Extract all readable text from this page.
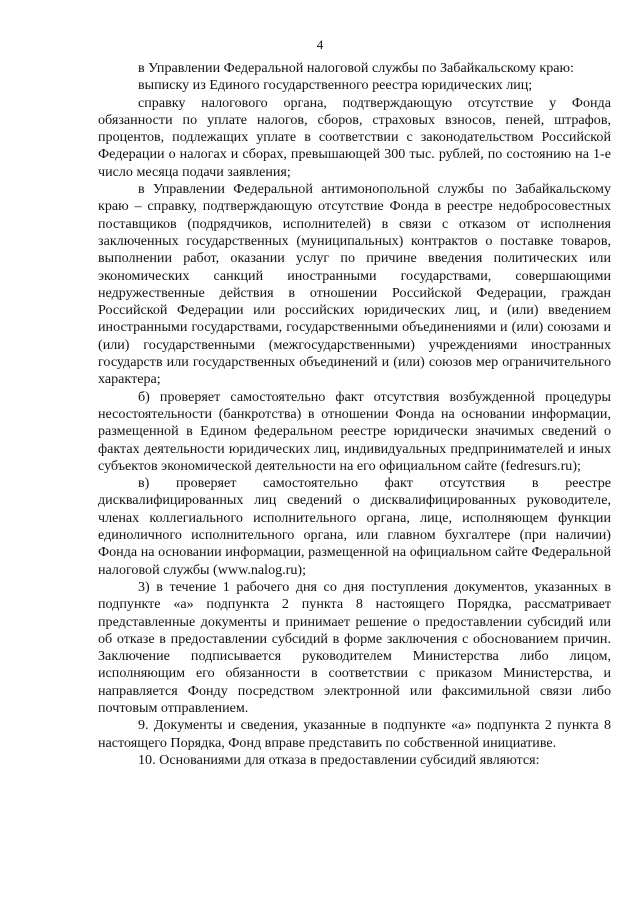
4

в Управлении Федеральной налоговой службы по Забайкальскому краю:

выписку из Единого государственного реестра юридических лиц;

справку налогового органа, подтверждающую отсутствие у Фонда обязанности по уплате налогов, сборов, страховых взносов, пеней, штрафов, процентов, подлежащих уплате в соответствии с законодательством Российской Федерации о налогах и сборах, превышающей 300 тыс. рублей, по состоянию на 1-е число месяца подачи заявления;

в Управлении Федеральной антимонопольной службы по Забайкальскому краю – справку, подтверждающую отсутствие Фонда в реестре недобросовестных поставщиков (подрядчиков, исполнителей) в связи с отказом от исполнения заключенных государственных (муниципальных) контрактов о поставке товаров, выполнении работ, оказании услуг по причине введения политических или экономических санкций иностранными государствами, совершающими недружественные действия в отношении Российской Федерации, граждан Российской Федерации или российских юридических лиц, и (или) введением иностранными государствами, государственными объединениями и (или) союзами и (или) государственными (межгосударственными) учреждениями иностранных государств или государственных объединений и (или) союзов мер ограничительного характера;

б) проверяет самостоятельно факт отсутствия возбужденной процедуры несостоятельности (банкротства) в отношении Фонда на основании информации, размещенной в Едином федеральном реестре юридически значимых сведений о фактах деятельности юридических лиц, индивидуальных предпринимателей и иных субъектов экономической деятельности на его официальном сайте (fedresurs.ru);

в) проверяет самостоятельно факт отсутствия в реестре дисквалифицированных лиц сведений о дисквалифицированных руководителе, членах коллегиального исполнительного органа, лице, исполняющем функции единоличного исполнительного органа, или главном бухгалтере (при наличии) Фонда на основании информации, размещенной на официальном сайте Федеральной налоговой службы (www.nalog.ru);

3) в течение 1 рабочего дня со дня поступления документов, указанных в подпункте «а» подпункта 2 пункта 8 настоящего Порядка, рассматривает представленные документы и принимает решение о предоставлении субсидий или об отказе в предоставлении субсидий в форме заключения с обоснованием причин. Заключение подписывается руководителем Министерства либо лицом, исполняющим его обязанности в соответствии с приказом Министерства, и направляется Фонду посредством электронной или факсимильной связи либо почтовым отправлением.

9. Документы и сведения, указанные в подпункте «а» подпункта 2 пункта 8 настоящего Порядка, Фонд вправе представить по собственной инициативе.

10. Основаниями для отказа в предоставлении субсидий являются:
